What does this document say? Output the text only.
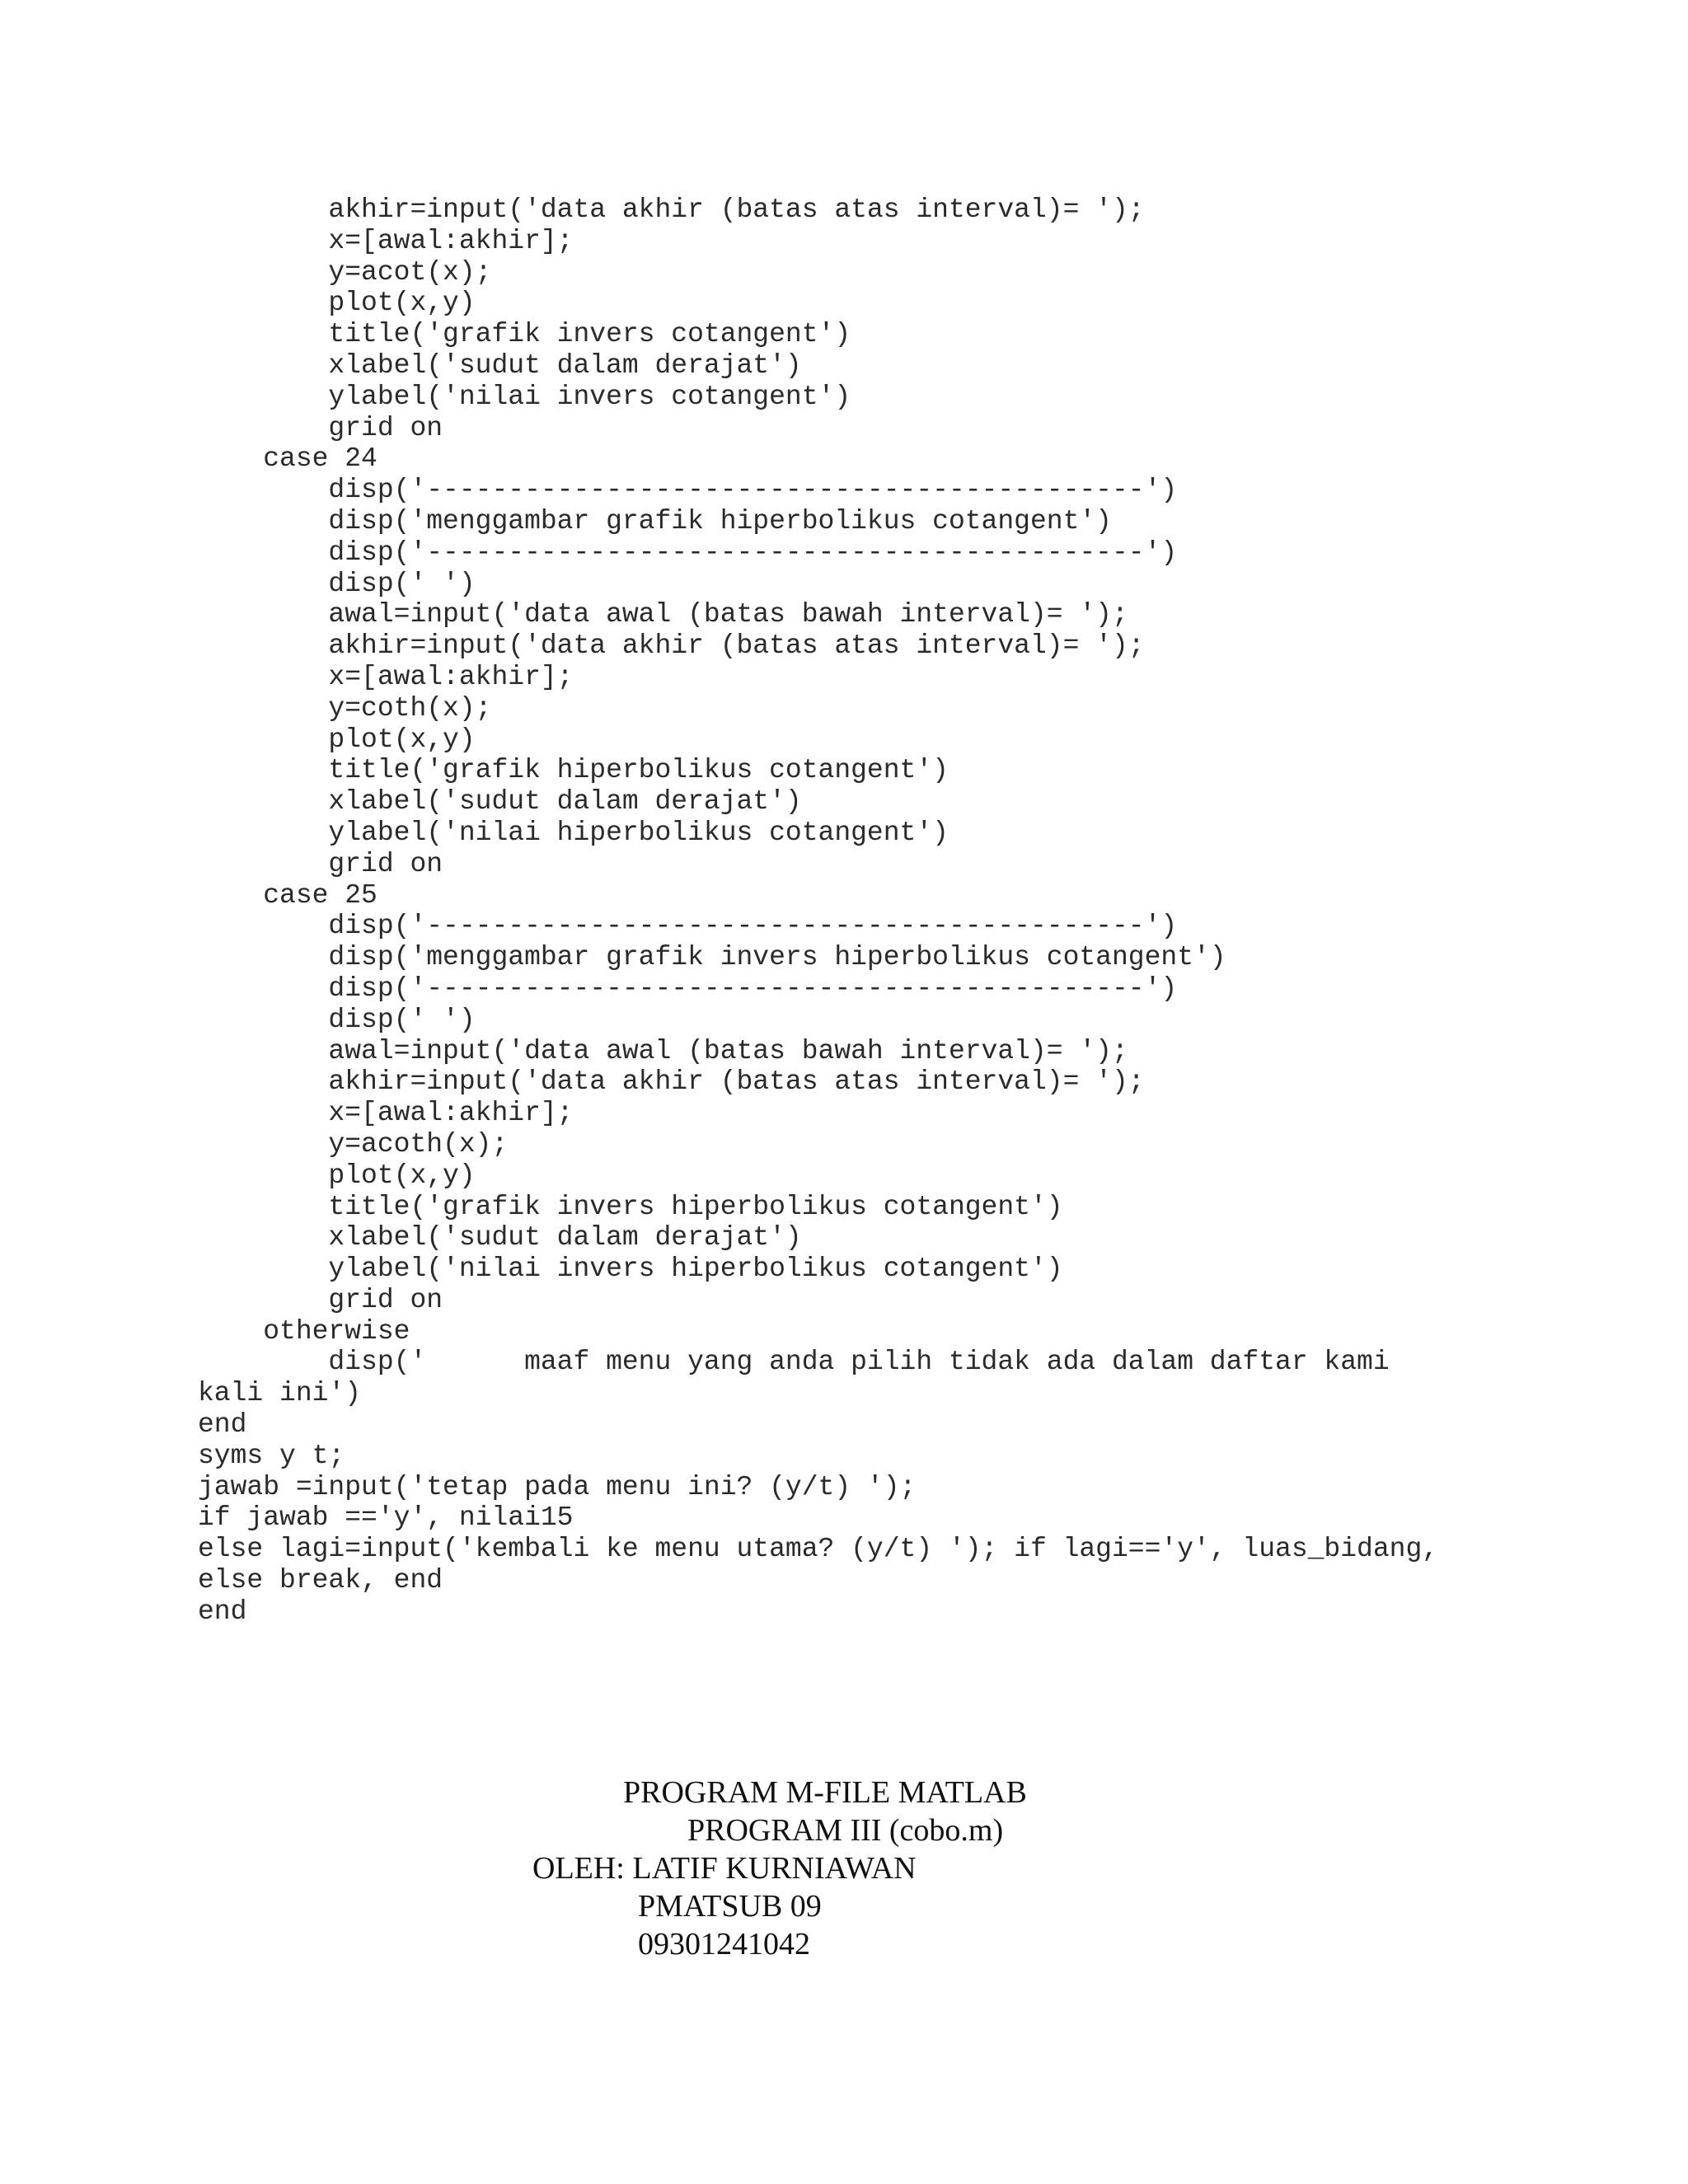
akhir=input('data akhir (batas atas interval)= ');
x=[awal:akhir];
y=acot(x);
plot(x,y)
title('grafik invers cotangent')
xlabel('sudut dalam derajat')
ylabel('nilai invers cotangent')
grid on
case 24
disp('--------------------------------------------')
disp('menggambar grafik hiperbolikus cotangent')
disp('--------------------------------------------')
disp(' ')
awal=input('data awal (batas bawah interval)= ');
akhir=input('data akhir (batas atas interval)= ');
x=[awal:akhir];
y=coth(x);
plot(x,y)
title('grafik hiperbolikus cotangent')
xlabel('sudut dalam derajat')
ylabel('nilai hiperbolikus cotangent')
grid on
case 25
disp('--------------------------------------------')
disp('menggambar grafik invers hiperbolikus cotangent')
disp('--------------------------------------------')
disp(' ')
awal=input('data awal (batas bawah interval)= ');
akhir=input('data akhir (batas atas interval)= ');
x=[awal:akhir];
y=acoth(x);
plot(x,y)
title('grafik invers hiperbolikus cotangent')
xlabel('sudut dalam derajat')
ylabel('nilai invers hiperbolikus cotangent')
grid on
otherwise
disp('      maaf menu yang anda pilih tidak ada dalam daftar kami
kali ini')
end
syms y t;
jawab =input('tetap pada menu ini? (y/t) ');
if jawab =='y', nilai15
else lagi=input('kembali ke menu utama? (y/t) '); if lagi=='y', luas_bidang,
else break, end
end
PROGRAM M-FILE MATLAB
PROGRAM III (cobo.m)
OLEH: LATIF KURNIAWAN
PMATSUB 09
09301241042
